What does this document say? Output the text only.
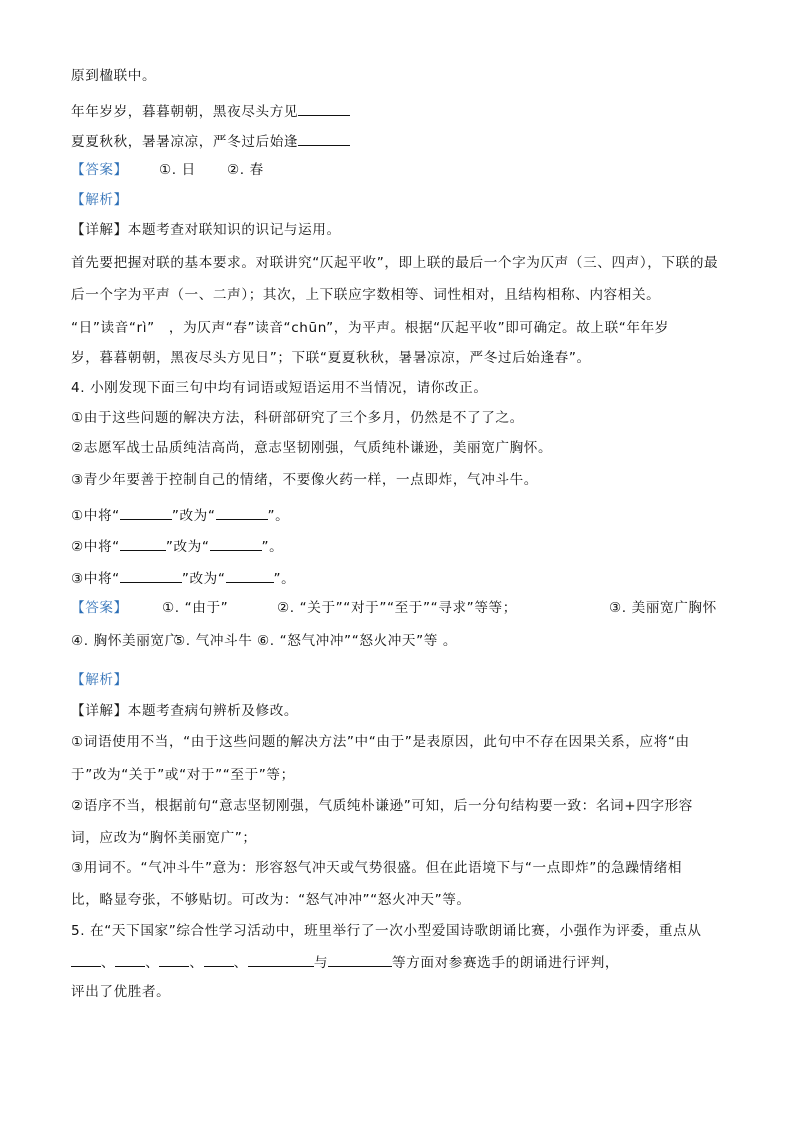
原到楹联中。
年年岁岁，暮暮朝朝，黑夜尽头方见
夏夏秋秋，暑暑凉凉，严冬过后始逢
【答案】 ①. 日 ②. 春
【解析】
【详解】本题考查对联知识的识记与运用。
首先要把握对联的基本要求。对联讲究“仄起平收”，即上联的最后一个字为仄声（三、四声），下联的最
后一个字为平声（一、二声）；其次，上下联应字数相等、词性相对，且结构相称、内容相关。
“日”读音“rì”　，为仄声“春”读音“chūn”，为平声。根据“仄起平收”即可确定。故上联“年年岁
岁，暮暮朝朝，黑夜尽头方见日”；下联“夏夏秋秋，暑暑凉凉，严冬过后始逢春”。
4. 小刚发现下面三句中均有词语或短语运用不当情况，请你改正。
①由于这些问题的解决方法，科研部研究了三个多月，仍然是不了了之。
②志愿军战士品质纯洁高尚，意志坚韧刚强，气质纯朴谦逊，美丽宽广胸怀。
③青少年要善于控制自己的情绪，不要像火药一样，一点即炸，气冲斗牛。
①中将“	”改为“	”。
②中将“	”改为“	”。
③中将“	”改为“	”。
【答案】	①. “由于”	②. “关于”“对于”“至于”“寻求”等等；	③. 美丽宽广胸怀
④. 胸怀美丽宽广
⑤. 气冲斗牛 ⑥. “怒气冲冲”“怒火冲天”等 。
【解析】
【详解】本题考查病句辨析及修改。
①词语使用不当，“由于这些问题的解决方法”中“由于”是表原因，此句中不存在因果关系，应将“由
于”改为“关于”或“对于”“至于”等；
②语序不当，根据前句“意志坚韧刚强，气质纯朴谦逊”可知，后一分句结构要一致：名词+四字形容
词，应改为“胸怀美丽宽广”；
③用词不。“气冲斗牛”意为：形容怒气冲天或气势很盛。但在此语境下与“一点即炸”的急躁情绪相
比，略显夸张，不够贴切。可改为：“怒气冲冲”“怒火冲天”等。
5. 在“天下国家”综合性学习活动中，班里举行了一次小型爱国诗歌朗诵比赛，小强作为评委，重点从
、 、 、 、	与	等方面对参赛选手的朗诵进行评判，
评出了优胜者。
